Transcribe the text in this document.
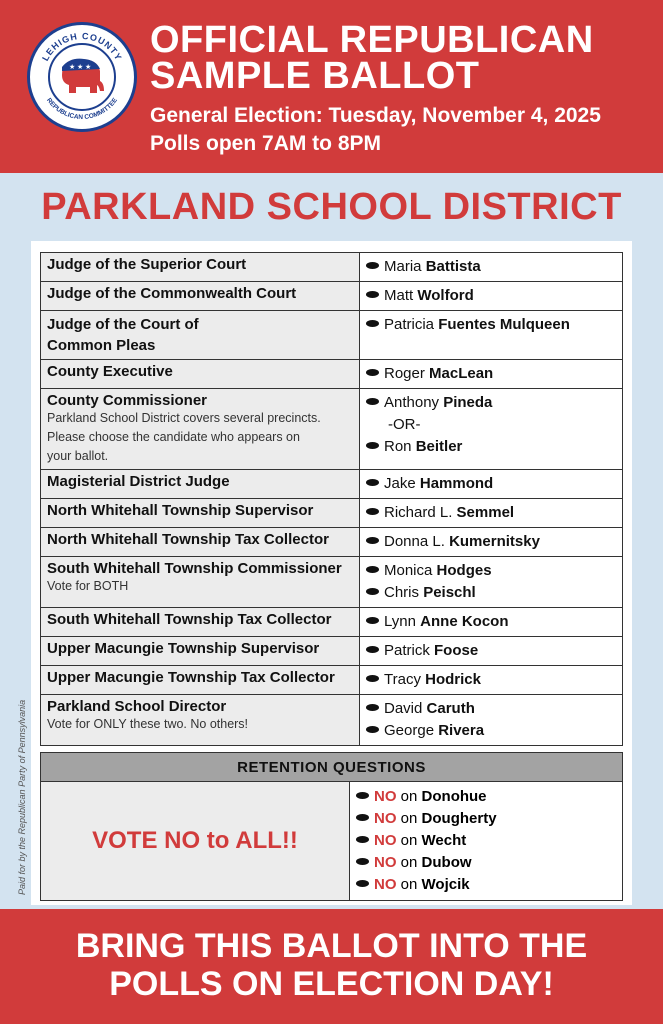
LEHIGH COUNTY
REPUBLICAN COMMITTEE
★ ★ ★
OFFICIAL REPUBLICAN
SAMPLE BALLOT
General Election: Tuesday, November 4, 2025
Polls open 7AM to 8PM
PARKLAND SCHOOL DISTRICT
Paid for by the Republican Party of Pennsylvania
Judge of the Superior Court	Maria Battista

Judge of the Commonwealth Court	Matt Wolford

Judge of the Court of
Common Pleas	Patricia Fuentes Mulqueen

County Executive	Roger MacLean

County Commissioner
Parkland School District covers several precincts.
Please choose the candidate who appears on
your ballot.	Anthony Pineda
-OR-
Ron Beitler

Magisterial District Judge	Jake Hammond

North Whitehall Township Supervisor	Richard L. Semmel

North Whitehall Township Tax Collector	Donna L. Kumernitsky

South Whitehall Township Commissioner
Vote for BOTH	Monica Hodges
Chris Peischl

South Whitehall Township Tax Collector	Lynn Anne Kocon

Upper Macungie Township Supervisor	Patrick Foose

Upper Macungie Township Tax Collector	Tracy Hodrick

Parkland School Director
Vote for ONLY these two. No others!	David Caruth
George Rivera
RETENTION QUESTIONS
VOTE NO to ALL!!	
NO on Donohue
NO on Dougherty
NO on Wecht
NO on Dubow
NO on Wojcik
BRING THIS BALLOT INTO THE
POLLS ON ELECTION DAY!
